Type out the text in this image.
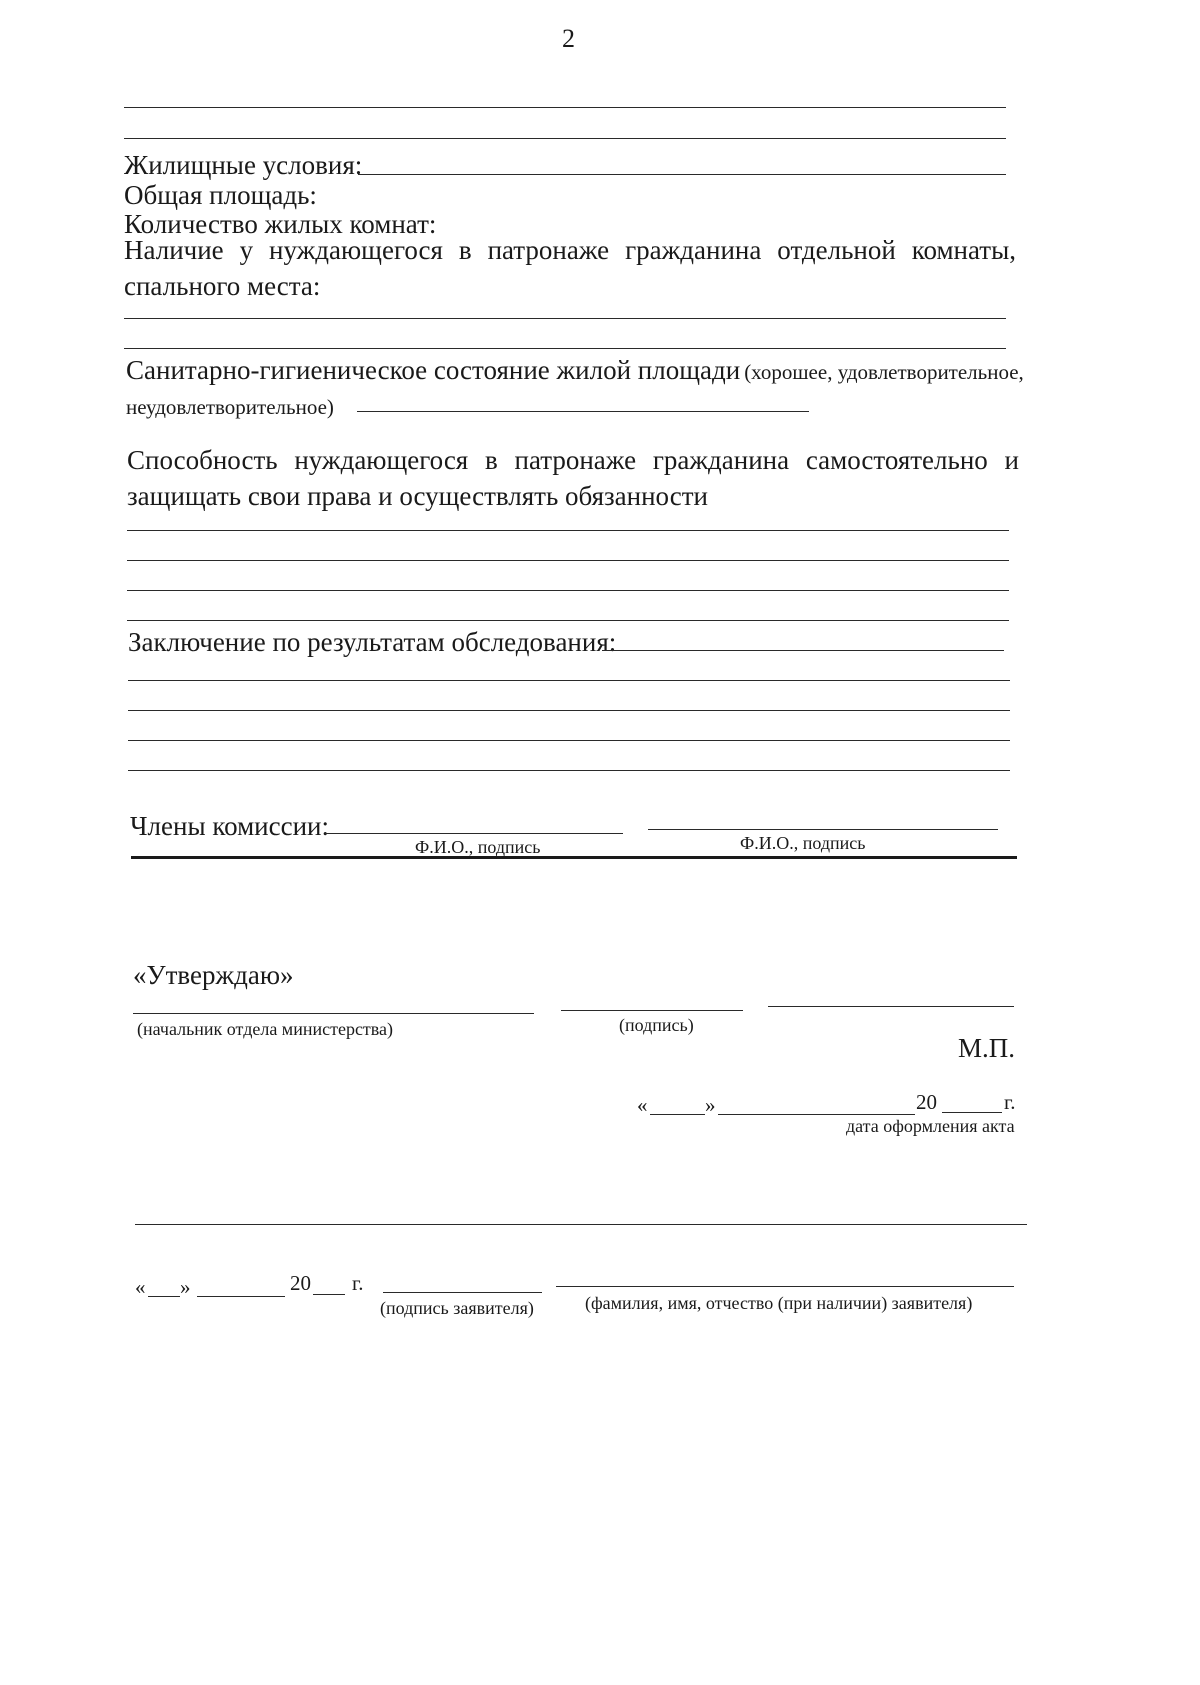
2
Жилищные условия:
Общая площадь:
Количество жилых комнат:
Наличие у нуждающегося в патронаже гражданина отдельной комнаты, спального места:
Санитарно-гигиеническое состояние жилой площади (хорошее, удовлетворительное,
неудовлетворительное)
Способность нуждающегося в патронаже гражданина самостоятельно и защищать свои права и осуществлять обязанности
Заключение по результатам обследования:
Члены комиссии:
Ф.И.О., подпись	Ф.И.О., подпись
«Утверждаю»
(начальник отдела министерства)	(подпись)
М.П.
«	»	20	г.
дата оформления акта
« »	20 г.
(подпись заявителя)	(фамилия, имя, отчество (при наличии) заявителя)
